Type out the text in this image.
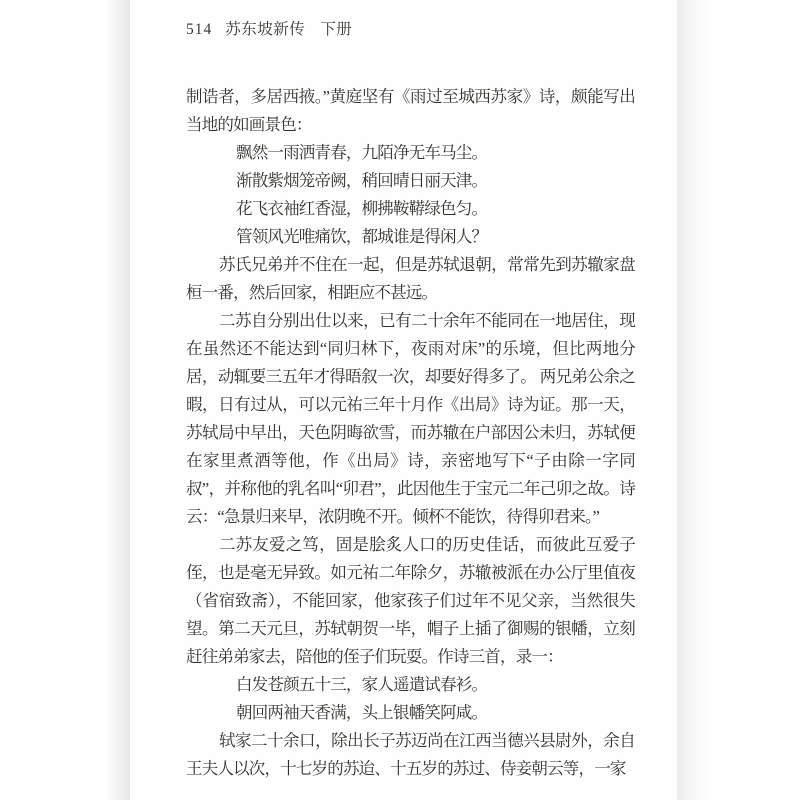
514 苏东坡新传 下册

制诰者，多居西掖。”黄庭坚有《雨过至城西苏家》诗，颇能写出当地的如画景色：

飘然一雨洒青春，九陌净无车马尘。
渐散紫烟笼帝阙，稍回晴日丽天津。
花飞衣袖红香湿，柳拂鞍鞯绿色匀。
管领风光唯痛饮，都城谁是得闲人？

苏氏兄弟并不住在一起，但是苏轼退朝，常常先到苏辙家盘桓一番，然后回家，相距应不甚远。

二苏自分别出仕以来，已有二十余年不能同在一地居住，现在虽然还不能达到“同归林下，夜雨对床”的乐境，但比两地分居，动辄要三五年才得晤叙一次，却要好得多了。 两兄弟公余之暇，日有过从，可以元祐三年十月作《出局》诗为证。那一天，苏轼局中早出，天色阴晦欲雪，而苏辙在户部因公未归，苏轼便在家里煮酒等他，作《出局》诗，亲密地写下“子由除一字同叔”，并称他的乳名叫“卯君”，此因他生于宝元二年己卯之故。诗云：“急景归来早，浓阴晚不开。倾杯不能饮，待得卯君来。”

二苏友爱之笃，固是脍炙人口的历史佳话，而彼此互爱子侄，也是毫无异致。如元祐二年除夕，苏辙被派在办公厅里值夜（省宿致斋），不能回家，他家孩子们过年不见父亲，当然很失望。第二天元旦，苏轼朝贺一毕，帽子上插了御赐的银幡，立刻赶往弟弟家去，陪他的侄子们玩耍。作诗三首，录一：

白发苍颜五十三，家人遥遣试春衫。
朝回两袖天香满，头上银幡笑阿咸。

轼家二十余口，除出长子苏迈尚在江西当德兴县尉外，余自王夫人以次，十七岁的苏迨、十五岁的苏过、侍妾朝云等，一家
